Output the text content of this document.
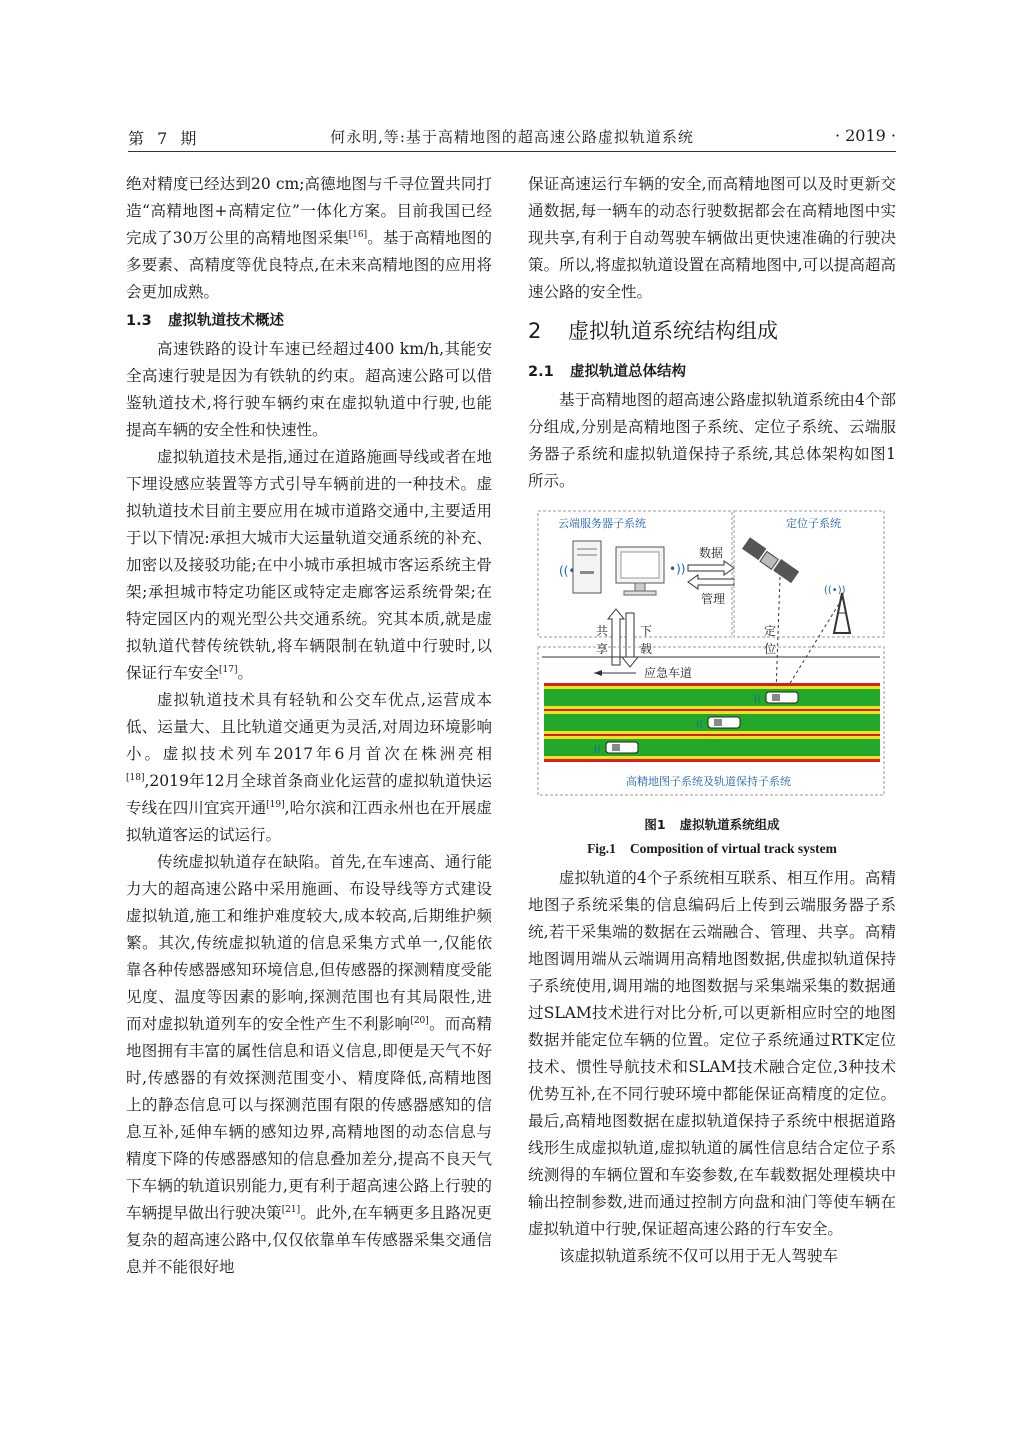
第 7 期	何永明,等:基于高精地图的超高速公路虚拟轨道系统	· 2019 ·

绝对精度已经达到20 cm;高德地图与千寻位置共同打造“高精地图+高精定位”一体化方案。目前我国已经完成了30万公里的高精地图采集[16]。基于高精地图的多要素、高精度等优良特点,在未来高精地图的应用将会更加成熟。

1.3 虚拟轨道技术概述

高速铁路的设计车速已经超过400 km/h,其能安全高速行驶是因为有铁轨的约束。超高速公路可以借鉴轨道技术,将行驶车辆约束在虚拟轨道中行驶,也能提高车辆的安全性和快速性。

虚拟轨道技术是指,通过在道路施画导线或者在地下埋设感应装置等方式引导车辆前进的一种技术。虚拟轨道技术目前主要应用在城市道路交通中,主要适用于以下情况:承担大城市大运量轨道交通系统的补充、加密以及接驳功能;在中小城市承担城市客运系统主骨架;承担城市特定功能区或特定走廊客运系统骨架;在特定园区内的观光型公共交通系统。究其本质,就是虚拟轨道代替传统铁轨,将车辆限制在轨道中行驶时,以保证行车安全[17]。

虚拟轨道技术具有轻轨和公交车优点,运营成本低、运量大、且比轨道交通更为灵活,对周边环境影响小。虚拟技术列车2017年6月首次在株洲亮相[18],2019年12月全球首条商业化运营的虚拟轨道快运专线在四川宜宾开通[19],哈尔滨和江西永州也在开展虚拟轨道客运的试运行。

传统虚拟轨道存在缺陷。首先,在车速高、通行能力大的超高速公路中采用施画、布设导线等方式建设虚拟轨道,施工和维护难度较大,成本较高,后期维护频繁。其次,传统虚拟轨道的信息采集方式单一,仅能依靠各种传感器感知环境信息,但传感器的探测精度受能见度、温度等因素的影响,探测范围也有其局限性,进而对虚拟轨道列车的安全性产生不利影响[20]。而高精地图拥有丰富的属性信息和语义信息,即便是天气不好时,传感器的有效探测范围变小、精度降低,高精地图上的静态信息可以与探测范围有限的传感器感知的信息互补,延伸车辆的感知边界,高精地图的动态信息与精度下降的传感器感知的信息叠加差分,提高不良天气下车辆的轨道识别能力,更有利于超高速公路上行驶的车辆提早做出行驶决策[21]。此外,在车辆更多且路况更复杂的超高速公路中,仅仅依靠单车传感器采集交通信息并不能很好地

保证高速运行车辆的安全,而高精地图可以及时更新交通数据,每一辆车的动态行驶数据都会在高精地图中实现共享,有利于自动驾驶车辆做出更快速准确的行驶决策。所以,将虚拟轨道设置在高精地图中,可以提高超高速公路的安全性。

2 虚拟轨道系统结构组成
2.1 虚拟轨道总体结构

基于高精地图的超高速公路虚拟轨道系统由4个部分组成,分别是高精地图子系统、定位子系统、云端服务器子系统和虚拟轨道保持子系统,其总体架构如图1所示。

云端服务器子系统
((•	•))
数据
管理
定位子系统
((•))
共
享
下
载
定
位
应急车道
((
((
((
高精地图子系统及轨道保持子系统
图1 虚拟轨道系统组成
Fig.1 Composition of virtual track system

虚拟轨道的4个子系统相互联系、相互作用。高精地图子系统采集的信息编码后上传到云端服务器子系统,若干采集端的数据在云端融合、管理、共享。高精地图调用端从云端调用高精地图数据,供虚拟轨道保持子系统使用,调用端的地图数据与采集端采集的数据通过SLAM技术进行对比分析,可以更新相应时空的地图数据并能定位车辆的位置。定位子系统通过RTK定位技术、惯性导航技术和SLAM技术融合定位,3种技术优势互补,在不同行驶环境中都能保证高精度的定位。最后,高精地图数据在虚拟轨道保持子系统中根据道路线形生成虚拟轨道,虚拟轨道的属性信息结合定位子系统测得的车辆位置和车姿参数,在车载数据处理模块中输出控制参数,进而通过控制方向盘和油门等使车辆在虚拟轨道中行驶,保证超高速公路的行车安全。

该虚拟轨道系统不仅可以用于无人驾驶车
